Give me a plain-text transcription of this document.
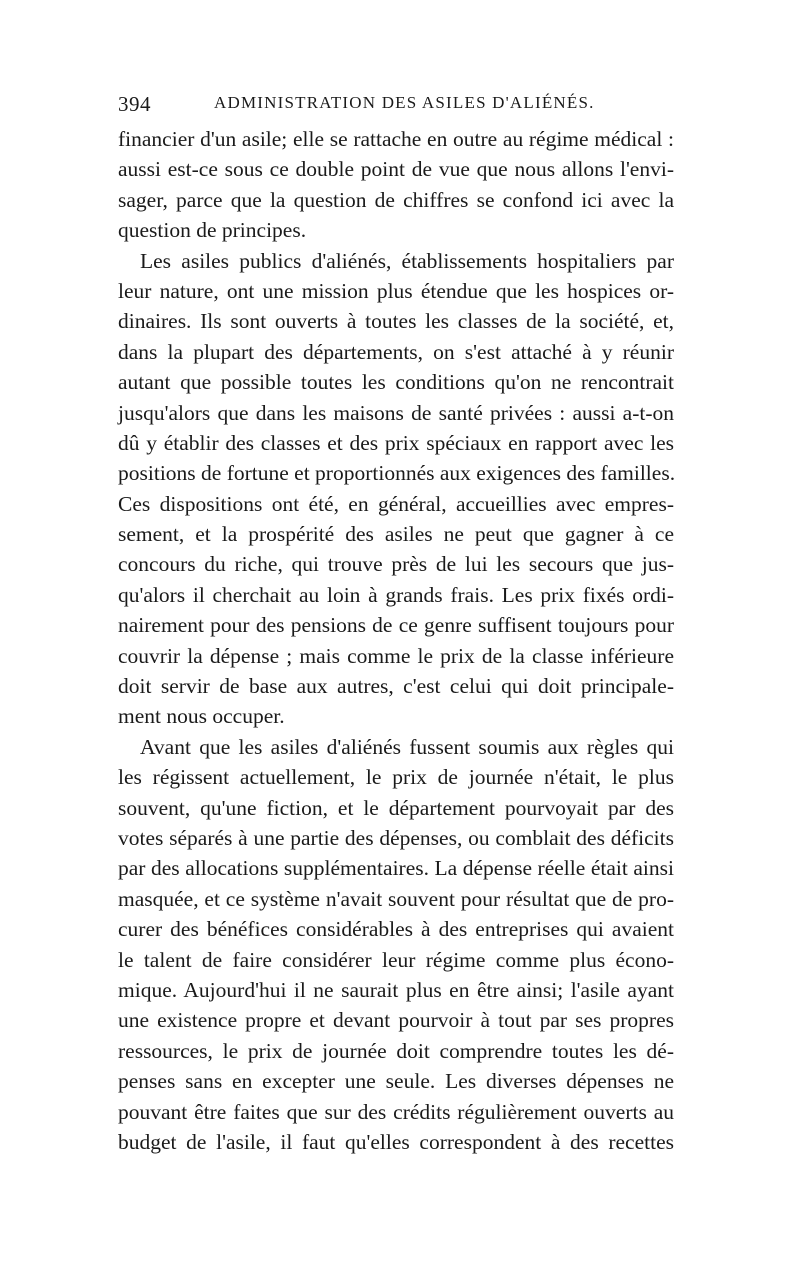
394	ADMINISTRATION DES ASILES D'ALIÉNÉS.
financier d'un asile; elle se rattache en outre au régime médical :
aussi est-ce sous ce double point de vue que nous allons l'envi-
sager, parce que la question de chiffres se confond ici avec la
question de principes.
Les asiles publics d'aliénés, établissements hospitaliers par
leur nature, ont une mission plus étendue que les hospices or-
dinaires. Ils sont ouverts à toutes les classes de la société, et,
dans la plupart des départements, on s'est attaché à y réunir
autant que possible toutes les conditions qu'on ne rencontrait
jusqu'alors que dans les maisons de santé privées : aussi a-t-on
dû y établir des classes et des prix spéciaux en rapport avec les
positions de fortune et proportionnés aux exigences des familles.
Ces dispositions ont été, en général, accueillies avec empres-
sement, et la prospérité des asiles ne peut que gagner à ce
concours du riche, qui trouve près de lui les secours que jus-
qu'alors il cherchait au loin à grands frais. Les prix fixés ordi-
nairement pour des pensions de ce genre suffisent toujours pour
couvrir la dépense ; mais comme le prix de la classe inférieure
doit servir de base aux autres, c'est celui qui doit principale-
ment nous occuper.
Avant que les asiles d'aliénés fussent soumis aux règles qui
les régissent actuellement, le prix de journée n'était, le plus
souvent, qu'une fiction, et le département pourvoyait par des
votes séparés à une partie des dépenses, ou comblait des déficits
par des allocations supplémentaires. La dépense réelle était ainsi
masquée, et ce système n'avait souvent pour résultat que de pro-
curer des bénéfices considérables à des entreprises qui avaient
le talent de faire considérer leur régime comme plus écono-
mique. Aujourd'hui il ne saurait plus en être ainsi; l'asile ayant
une existence propre et devant pourvoir à tout par ses propres
ressources, le prix de journée doit comprendre toutes les dé-
penses sans en excepter une seule. Les diverses dépenses ne
pouvant être faites que sur des crédits régulièrement ouverts au
budget de l'asile, il faut qu'elles correspondent à des recettes
